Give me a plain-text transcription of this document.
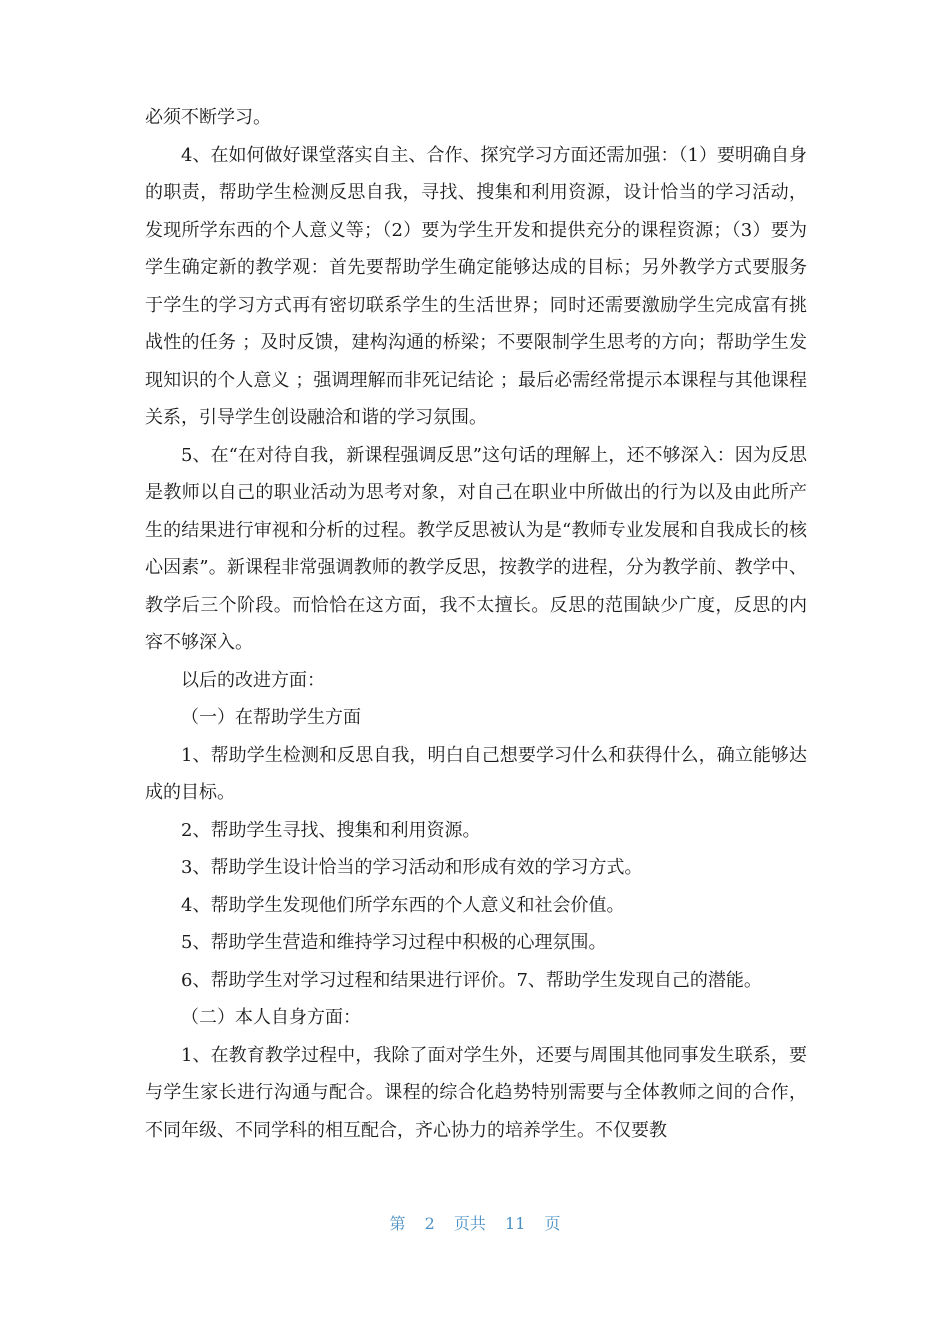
必须不断学习。

4、在如何做好课堂落实自主、合作、探究学习方面还需加强：（1）要明确自身的职责，帮助学生检测反思自我，寻找、搜集和利用资源，设计恰当的学习活动，发现所学东西的个人意义等；（2）要为学生开发和提供充分的课程资源；（3）要为学生确定新的教学观：首先要帮助学生确定能够达成的目标；另外教学方式要服务于学生的学习方式再有密切联系学生的生活世界；同时还需要激励学生完成富有挑战性的任务 ；及时反馈，建构沟通的桥梁；不要限制学生思考的方向；帮助学生发现知识的个人意义 ；强调理解而非死记结论 ；最后必需经常提示本课程与其他课程关系，引导学生创设融洽和谐的学习氛围。

5、在“在对待自我，新课程强调反思”这句话的理解上，还不够深入：因为反思是教师以自己的职业活动为思考对象，对自己在职业中所做出的行为以及由此所产生的结果进行审视和分析的过程。教学反思被认为是“教师专业发展和自我成长的核心因素”。新课程非常强调教师的教学反思，按教学的进程，分为教学前、教学中、教学后三个阶段。而恰恰在这方面，我不太擅长。反思的范围缺少广度，反思的内容不够深入。

以后的改进方面：

（一）在帮助学生方面

1、帮助学生检测和反思自我，明白自己想要学习什么和获得什么，确立能够达成的目标。

2、帮助学生寻找、搜集和利用资源。

3、帮助学生设计恰当的学习活动和形成有效的学习方式。

4、帮助学生发现他们所学东西的个人意义和社会价值。

5、帮助学生营造和维持学习过程中积极的心理氛围。

6、帮助学生对学习过程和结果进行评价。7、帮助学生发现自己的潜能。

（二）本人自身方面：

1、在教育教学过程中，我除了面对学生外，还要与周围其他同事发生联系，要与学生家长进行沟通与配合。课程的综合化趋势特别需要与全体教师之间的合作，不同年级、不同学科的相互配合，齐心协力的培养学生。不仅要教

第 2 页共 11 页
